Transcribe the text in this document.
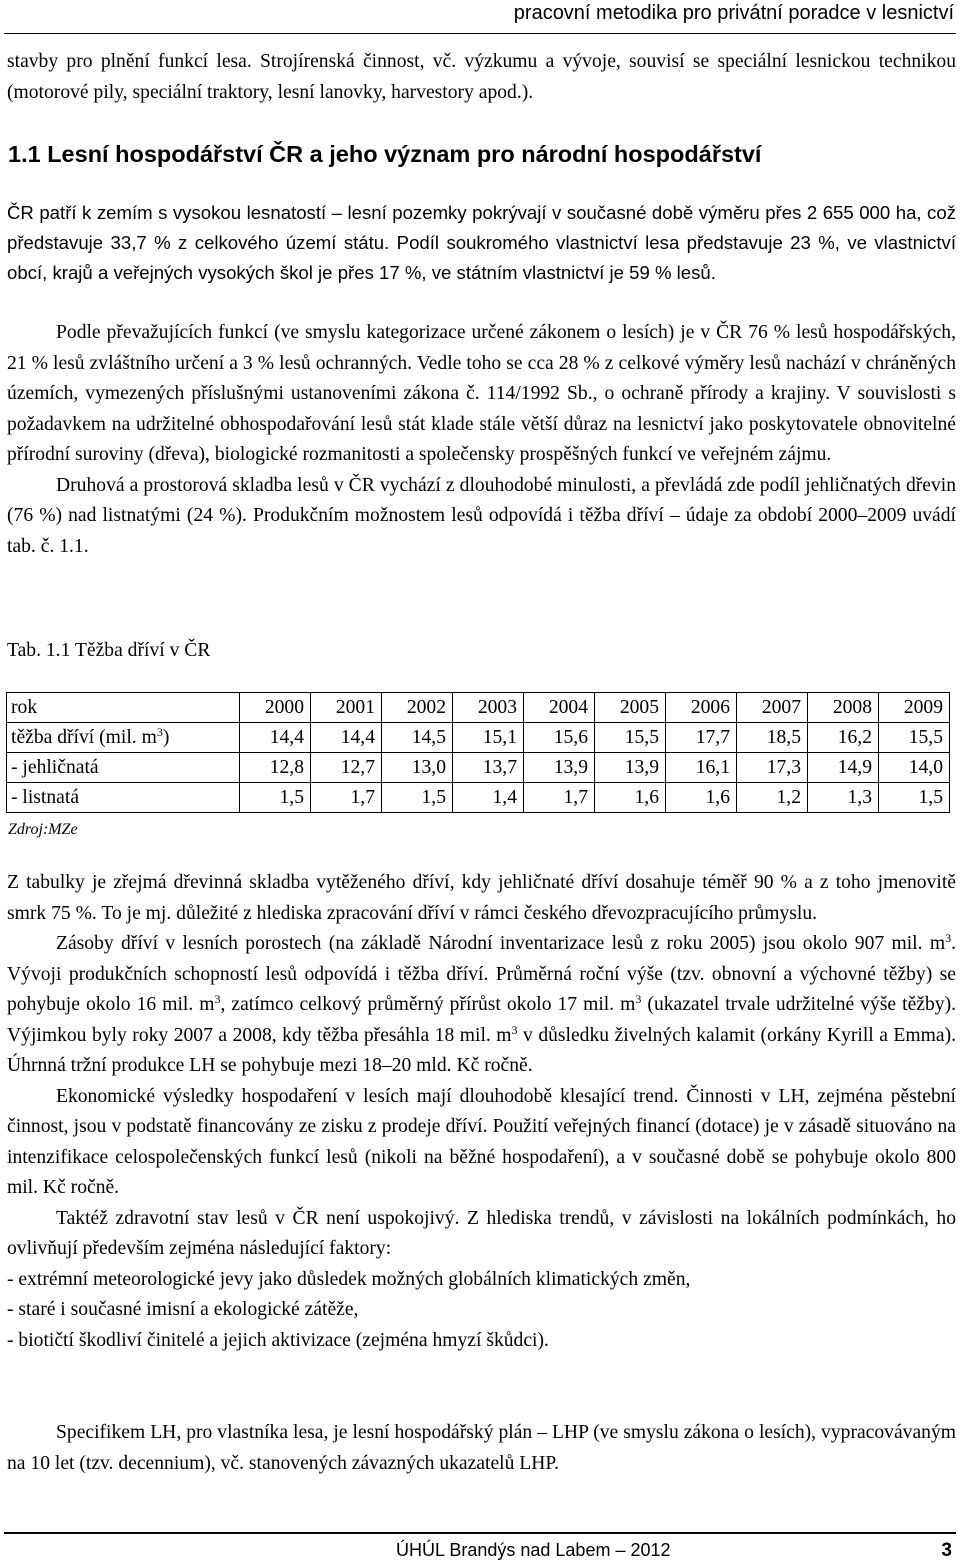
pracovní metodika pro privátní poradce v lesnictví

stavby pro plnění funkcí lesa. Strojírenská činnost, vč. výzkumu a vývoje, souvisí se speciální lesnickou technikou (motorové pily, speciální traktory, lesní lanovky, harvestory apod.).

1.1 Lesní hospodářství ČR a jeho význam pro národní hospodářství

ČR patří k zemím s vysokou lesnatostí – lesní pozemky pokrývají v současné době výměru přes 2 655 000 ha, což představuje 33,7 % z celkového území státu. Podíl soukromého vlastnictví lesa představuje 23 %, ve vlastnictví obcí, krajů a veřejných vysokých škol je přes 17 %, ve státním vlastnictví je 59 % lesů.

Podle převažujících funkcí (ve smyslu kategorizace určené zákonem o lesích) je v ČR 76 % lesů hospodářských, 21 % lesů zvláštního určení a 3 % lesů ochranných. Vedle toho se cca 28 % z celkové výměry lesů nachází v chráněných územích, vymezených příslušnými ustanoveními zákona č. 114/1992 Sb., o ochraně přírody a krajiny. V souvislosti s požadavkem na udržitelné obhospodařování lesů stát klade stále větší důraz na lesnictví jako poskytovatele obnovitelné přírodní suroviny (dřeva), biologické rozmanitosti a společensky prospěšných funkcí ve veřejném zájmu.

Druhová a prostorová skladba lesů v ČR vychází z dlouhodobé minulosti, a převládá zde podíl jehličnatých dřevin (76 %) nad listnatými (24 %). Produkčním možnostem lesů odpovídá i těžba dříví – údaje za období 2000–2009 uvádí tab. č. 1.1.

Tab. 1.1 Těžba dříví v ČR
rok	2000	2001	2002	2003	2004	2005	2006	2007	2008	2009
těžba dříví (mil. $m^3$)	14,4	14,4	14,5	15,1	15,6	15,5	17,7	18,5	16,2	15,5
- jehličnatá	12,8	12,7	13,0	13,7	13,9	13,9	16,1	17,3	14,9	14,0
- listnatá	1,5	1,7	1,5	1,4	1,7	1,6	1,6	1,2	1,3	1,5
Zdroj:MZe

Z tabulky je zřejmá dřevinná skladba vytěženého dříví, kdy jehličnaté dříví dosahuje téměř 90 % a z toho jmenovitě smrk 75 %. To je mj. důležité z hlediska zpracování dříví v rámci českého dřevozpracujícího průmyslu.

Zásoby dříví v lesních porostech (na základě Národní inventarizace lesů z roku 2005) jsou okolo 907 mil. $m^3$. Vývoji produkčních schopností lesů odpovídá i těžba dříví. Průměrná roční výše (tzv. obnovní a výchovné těžby) se pohybuje okolo 16 mil. $m^3$, zatímco celkový průměrný přírůst okolo 17 mil. $m^3$ (ukazatel trvale udržitelné výše těžby). Výjimkou byly roky 2007 a 2008, kdy těžba přesáhla 18 mil. $m^3$ v důsledku živelných kalamit (orkány Kyrill a Emma). Úhrnná tržní produkce LH se pohybuje mezi 18–20 mld. Kč ročně.

Ekonomické výsledky hospodaření v lesích mají dlouhodobě klesající trend. Činnosti v LH, zejména pěstební činnost, jsou v podstatě financovány ze zisku z prodeje dříví. Použití veřejných financí (dotace) je v zásadě situováno na intenzifikace celospolečenských funkcí lesů (nikoli na běžné hospodaření), a v současné době se pohybuje okolo 800 mil. Kč ročně.

Taktéž zdravotní stav lesů v ČR není uspokojivý. Z hlediska trendů, v závislosti na lokálních podmínkách, ho ovlivňují především zejména následující faktory:

- extrémní meteorologické jevy jako důsledek možných globálních klimatických změn,
- staré i současné imisní a ekologické zátěže,
- biotičtí škodliví činitelé a jejich aktivizace (zejména hmyzí škůdci).

Specifikem LH, pro vlastníka lesa, je lesní hospodářský plán – LHP (ve smyslu zákona o lesích), vypracovávaným na 10 let (tzv. decennium), vč. stanovených závazných ukazatelů LHP.

ÚHÚL Brandýs nad Labem – 2012	3
